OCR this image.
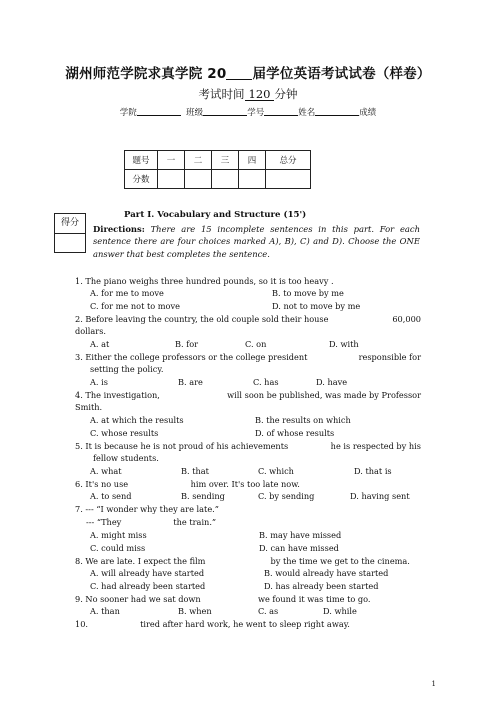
湖州师范学院求真学院 20 届学位英语考试试卷（样卷）
考试时间 120 分钟
学院	班级	学号	姓名	成绩
题号	一	二	三	四	总分
分数					
得分
Part I. Vocabulary and Structure (15')
Directions: There are 15 incomplete sentences in this part. For each sentence there are four choices marked A), B), C) and D). Choose the ONE answer that best completes the sentence.
1. The piano weighs three hundred pounds, so it is too heavy .
A. for me to move	B. to move by me
C. for me not to move	D. not to move by me
2. Before leaving the country, the old couple sold their house	60,000
dollars.
A. at	B. for	C. on	D. with
3. Either the college professors or the college president	responsible for
setting the policy.
A. is	B. are	C. has	D. have
4. The investigation,	will soon be published, was made by Professor
Smith.
A. at which the results	B. the results on which
C. whose results	D. of whose results
5. It is because he is not proud of his achievements	he is respected by his
fellow students.
A. what	B. that	C. which	D. that is
6. It's no use                        him over. It's too late now.
A. to send	B. sending	C. by sending	D. having sent
7. --- “I wonder why they are late.”
--- “They                    the train.”
A. might miss	B. may have missed
C. could miss	D. can have missed
8. We are late. I expect the film                         by the time we get to the cinema.
A. will already have started	B. would already have started
C. had already been started	D. has already been started
9. No sooner had we sat down                      we found it was time to go.
A. than	B. when	C. as	D. while
10.                    tired after hard work, he went to sleep right away.
1
